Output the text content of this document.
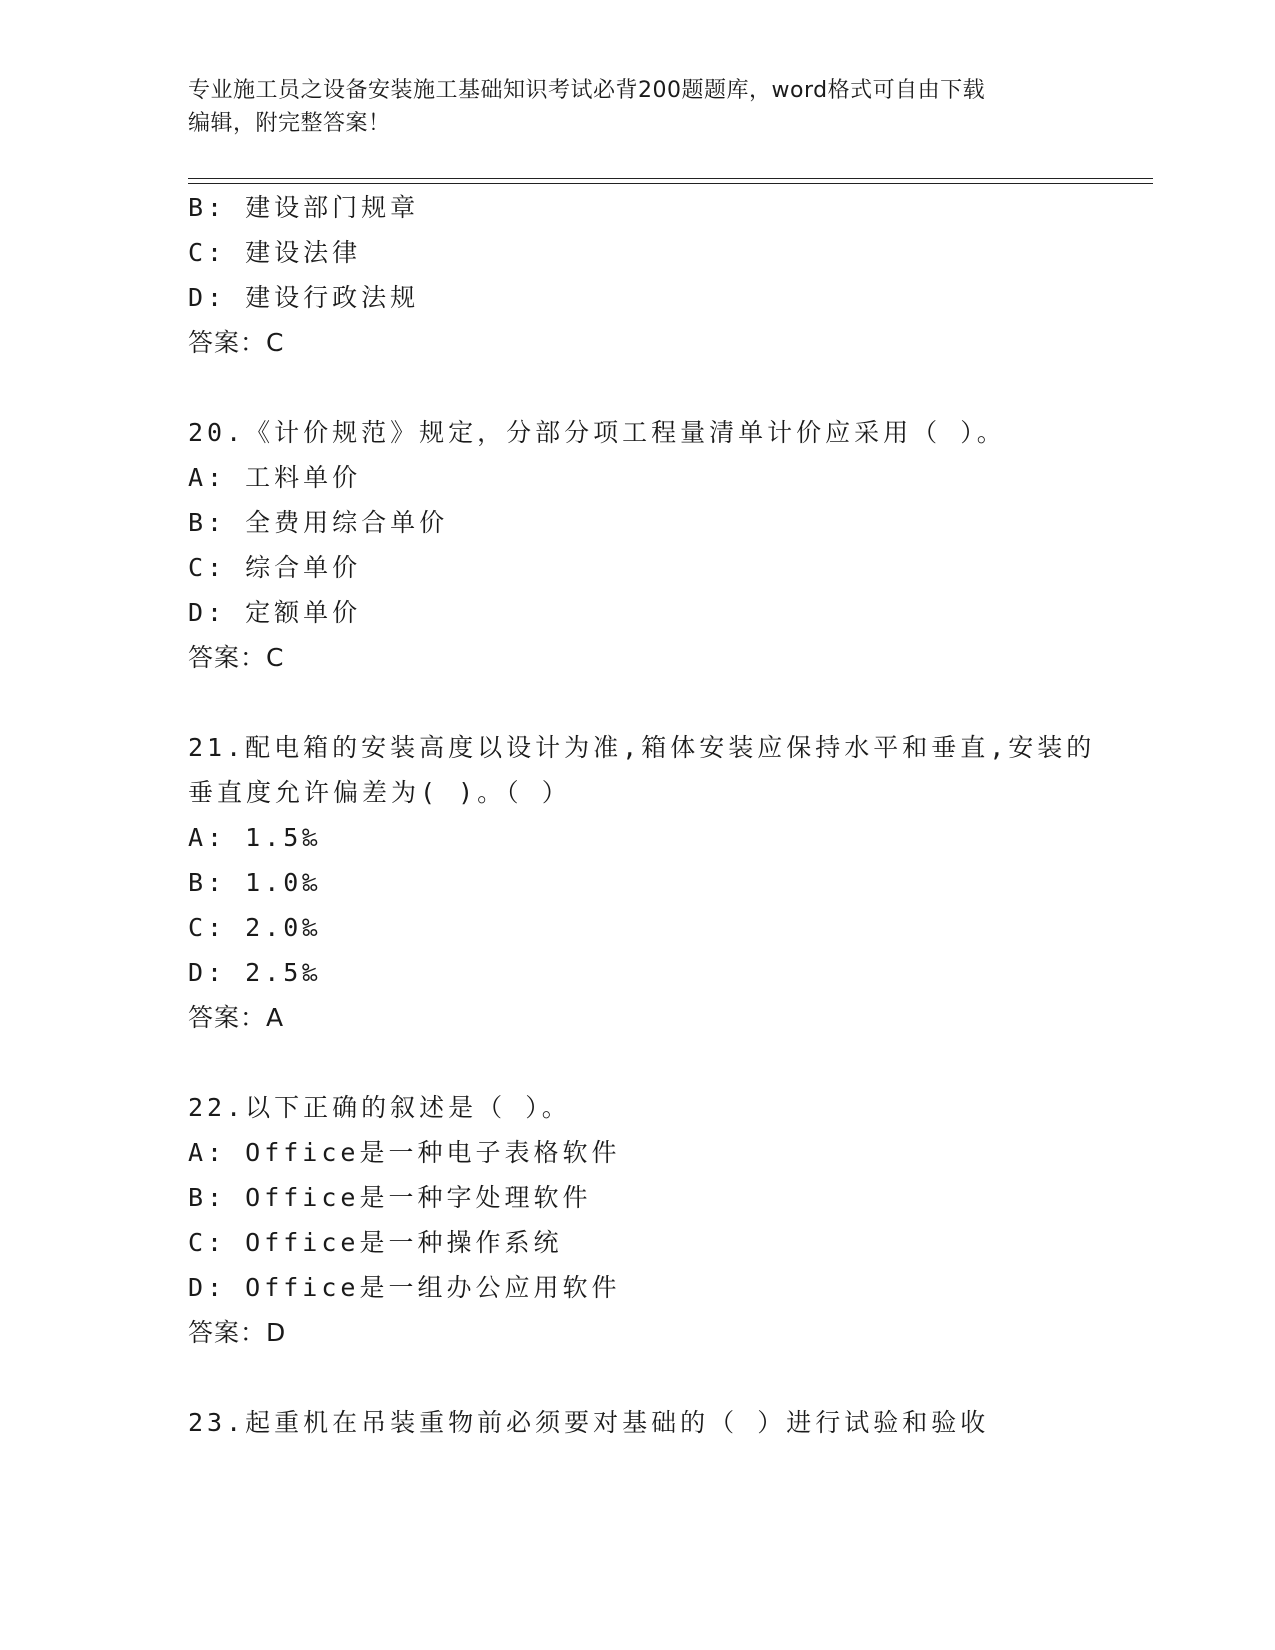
专业施工员之设备安装施工基础知识考试必背200题题库，word格式可自由下载
编辑，附完整答案！
B: 建设部门规章
C: 建设法律
D: 建设行政法规
答案：C
20.《计价规范》规定，分部分项工程量清单计价应采用（ ）。
A: 工料单价
B: 全费用综合单价
C: 综合单价
D: 定额单价
答案：C
21.配电箱的安装高度以设计为准,箱体安装应保持水平和垂直,安装的
垂直度允许偏差为( )。（ ）
A: 1.5‰
B: 1.0‰
C: 2.0‰
D: 2.5‰
答案：A
22.以下正确的叙述是（ ）。
A: Office是一种电子表格软件
B: Office是一种字处理软件
C: Office是一种操作系统
D: Office是一组办公应用软件
答案：D
23.起重机在吊装重物前必须要对基础的（ ）进行试验和验收
